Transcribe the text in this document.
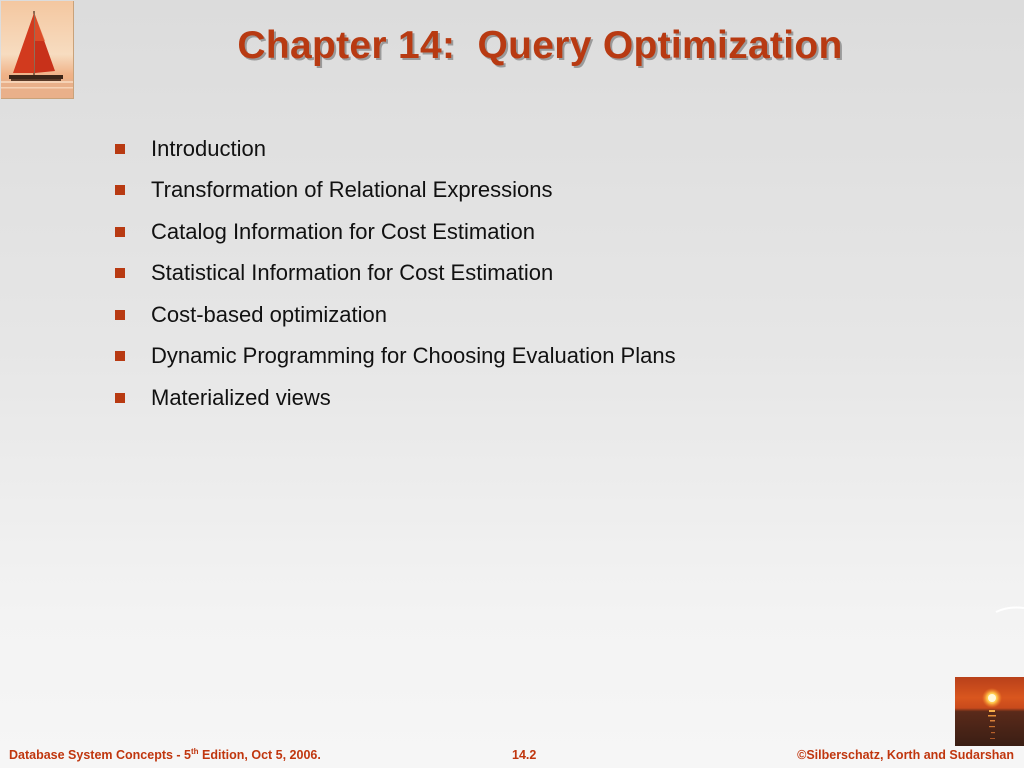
Chapter 14:  Query Optimization
Introduction
Transformation of Relational Expressions
Catalog Information for Cost Estimation
Statistical Information for Cost Estimation
Cost-based optimization
Dynamic Programming for Choosing Evaluation Plans
Materialized views
Database System Concepts - 5th Edition, Oct 5, 2006.	14.2	©Silberschatz, Korth and Sudarshan
